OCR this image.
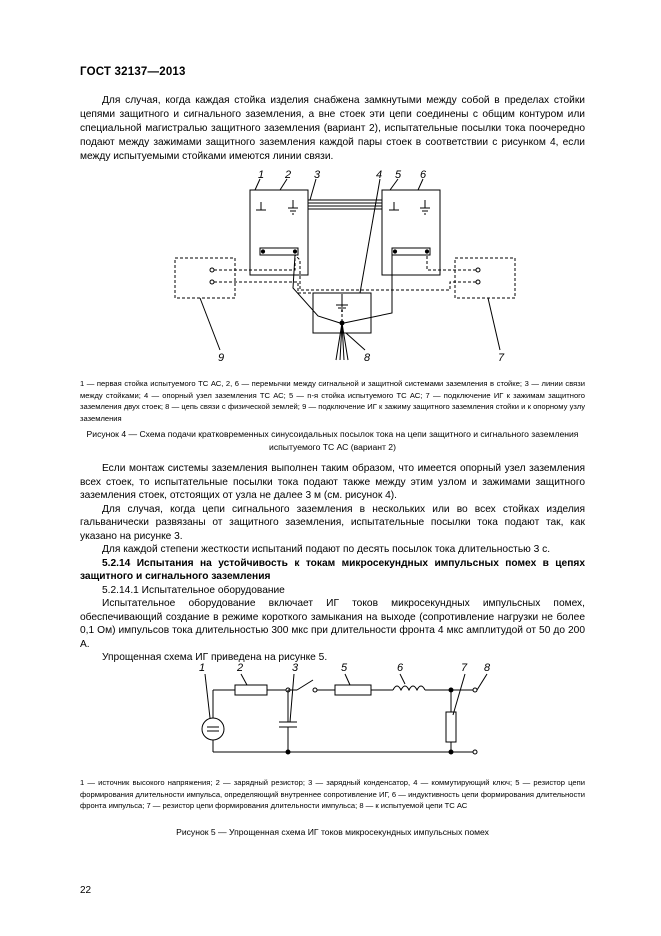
ГОСТ 32137—2013

Для случая, когда каждая стойка изделия снабжена замкнутыми между собой в пределах стойки цепями защитного и сигнального заземления, а вне стоек эти цепи соединены с общим контуром или специальной магистралью защитного заземления (вариант 2), испытательные посылки тока поочередно подают между зажимами защитного заземления каждой пары стоек в соответствии с рисунком 4, если между испытуемыми стойками имеются линии связи.

1 2 3	4 5 6
7
8
9
1 — первая стойка испытуемого ТС АС, 2, 6 — перемычки между сигнальной и защитной системами заземления в стойке; 3 — линии связи между стойками; 4 — опорный узел заземления ТС АС; 5 — n-я стойка испытуемого ТС АС; 7 — подключение ИГ к зажимам защитного заземления двух стоек; 8 — цепь связи с физической землей; 9 — подключение ИГ к зажиму защитного заземления стойки и к опорному узлу заземления
Рисунок 4 — Схема подачи кратковременных синусоидальных посылок тока на цепи защитного и сигнального заземления испытуемого ТС АС (вариант 2)

Если монтаж системы заземления выполнен таким образом, что имеется опорный узел заземления всех стоек, то испытательные посылки тока подают также между этим узлом и зажимами защитного заземления стоек, отстоящих от узла не далее 3 м (см. рисунок 4).

Для случая, когда цепи сигнального заземления в нескольких или во всех стойках изделия гальванически развязаны от защитного заземления, испытательные посылки тока подают так, как указано на рисунке 3.

Для каждой степени жесткости испытаний подают по десять посылок тока длительностью 3 с.

5.2.14 Испытания на устойчивость к токам микросекундных импульсных помех в цепях защитного и сигнального заземления

5.2.14.1 Испытательное оборудование

Испытательное оборудование включает ИГ токов микросекундных импульсных помех, обеспечивающий создание в режиме короткого замыкания на выходе (сопротивление нагрузки не более 0,1 Ом) импульсов тока длительностью 300 мкс при длительности фронта 4 мкс амплитудой от 50 до 200 А.

Упрощенная схема ИГ приведена на рисунке 5.

1	2	3	5	6	7 8
1 — источник высокого напряжения; 2 — зарядный резистор; 3 — зарядный конденсатор, 4 — коммутирующий ключ; 5 — резистор цепи формирования длительности импульса, определяющий внутреннее сопротивление ИГ, 6 — индуктивность цепи формирования длительности фронта импульса; 7 — резистор цепи формирования длительности импульса; 8 — к испытуемой цепи ТС АС
Рисунок 5 — Упрощенная схема ИГ токов микросекундных импульсных помех
22
